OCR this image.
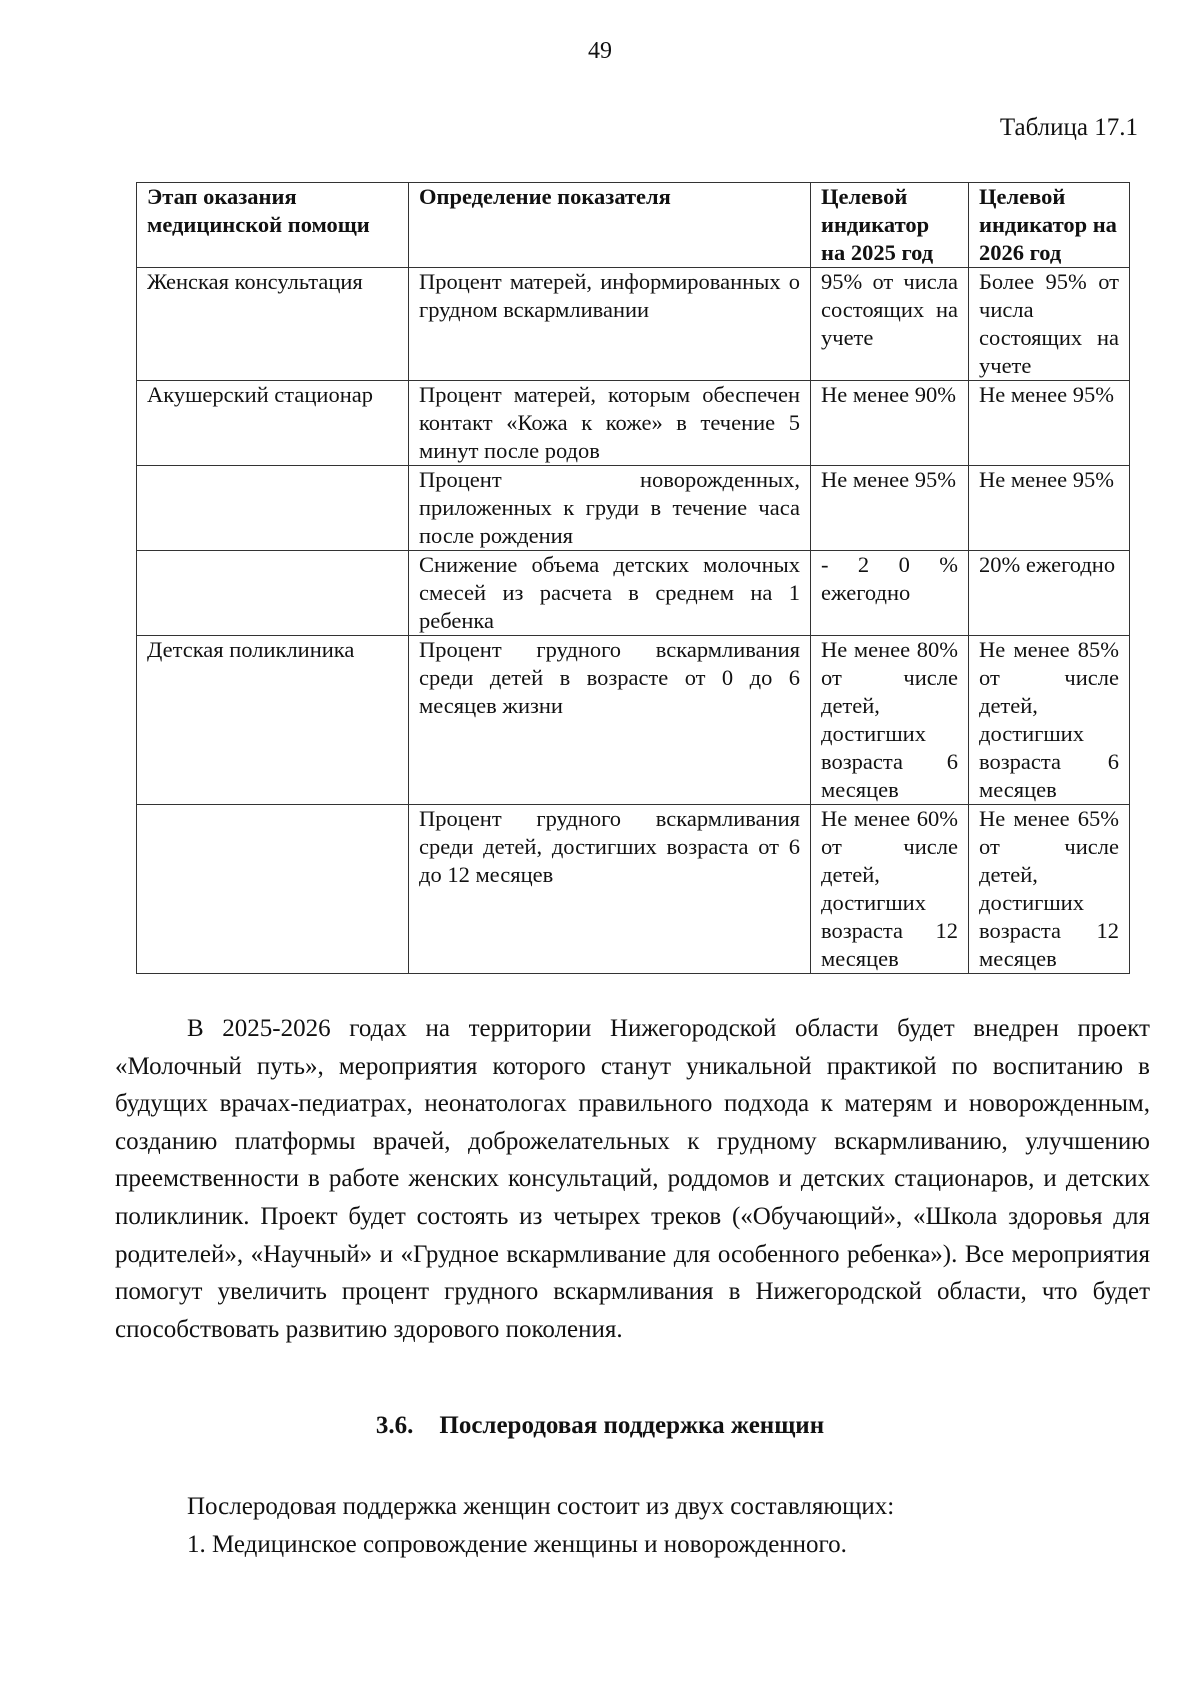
49
Таблица 17.1
Этап оказания медицинской помощи	Определение показателя	Целевой индикатор на 2025 год	Целевой индикатор на 2026 год
Женская консультация	Процент матерей, информированных о грудном вскармливании	95% от числа состоящих на учете	Более 95% от числа состоящих на учете
Акушерский стационар	Процент матерей, которым обеспечен контакт «Кожа к коже» в течение 5 минут после родов	Не менее 90%	Не менее 95%
	Процент новорожденных, приложенных к груди в течение часа после рождения	Не менее 95%	Не менее 95%
	Снижение объема детских молочных смесей из расчета в среднем на 1 ребенка	- 2 0 % ежегодно	20% ежегодно
Детская поликлиника	Процент грудного вскармливания среди детей в возрасте от 0 до 6 месяцев жизни	Не менее 80% от числе детей, достигших возраста 6 месяцев	Не менее 85% от числе детей, достигших возраста 6 месяцев
	Процент грудного вскармливания среди детей, достигших возраста от 6 до 12 месяцев	Не менее 60% от числе детей, достигших возраста 12 месяцев	Не менее 65% от числе детей, достигших возраста 12 месяцев

В 2025-2026 годах на территории Нижегородской области будет внедрен проект «Молочный путь», мероприятия которого станут уникальной практикой по воспитанию в будущих врачах-педиатрах, неонатологах правильного подхода к матерям и новорожденным, созданию платформы врачей, доброжелательных к грудному вскармливанию, улучшению преемственности в работе женских консультаций, роддомов и детских стационаров, и детских поликлиник. Проект будет состоять из четырех треков («Обучающий», «Школа здоровья для родителей», «Научный» и «Грудное вскармливание для особенного ребенка»). Все мероприятия помогут увеличить процент грудного вскармливания в Нижегородской области, что будет способствовать развитию здорового поколения.

3.6. Послеродовая поддержка женщин

Послеродовая поддержка женщин состоит из двух составляющих:

1. Медицинское сопровождение женщины и новорожденного.
